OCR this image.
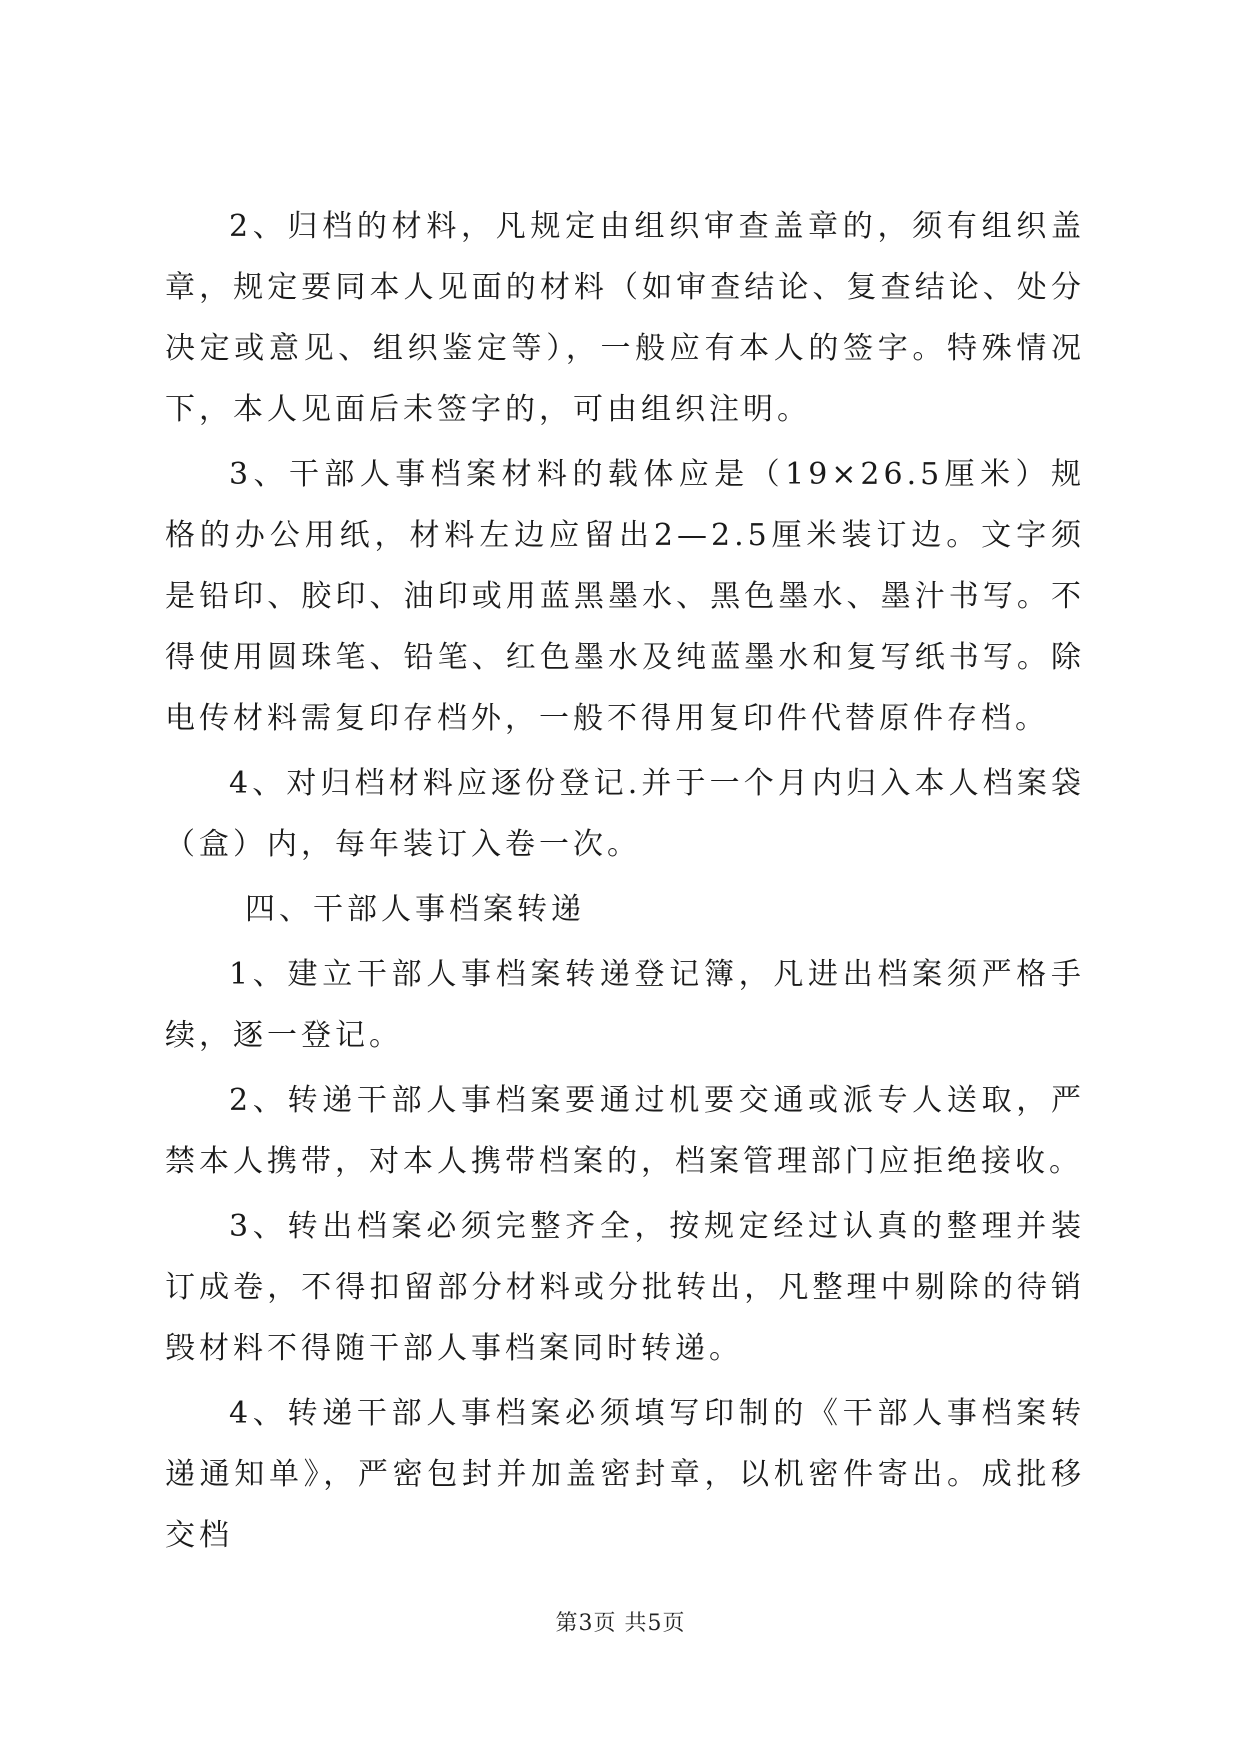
2、归档的材料，凡规定由组织审查盖章的，须有组织盖章，规定要同本人见面的材料（如审查结论、复查结论、处分决定或意见、组织鉴定等），一般应有本人的签字。特殊情况下，本人见面后未签字的，可由组织注明。

3、干部人事档案材料的载体应是（19×26.5厘米）规格的办公用纸，材料左边应留出2—2.5厘米装订边。文字须是铅印、胶印、油印或用蓝黑墨水、黑色墨水、墨汁书写。不得使用圆珠笔、铅笔、红色墨水及纯蓝墨水和复写纸书写。除电传材料需复印存档外，一般不得用复印件代替原件存档。

4、对归档材料应逐份登记.并于一个月内归入本人档案袋（盒）内，每年装订入卷一次。

四、干部人事档案转递

1、建立干部人事档案转递登记簿，凡进出档案须严格手续，逐一登记。

2、转递干部人事档案要通过机要交通或派专人送取，严禁本人携带，对本人携带档案的，档案管理部门应拒绝接收。

3、转出档案必须完整齐全，按规定经过认真的整理并装订成卷，不得扣留部分材料或分批转出，凡整理中剔除的待销毁材料不得随干部人事档案同时转递。

4、转递干部人事档案必须填写印制的《干部人事档案转递通知单》，严密包封并加盖密封章，以机密件寄出。成批移交档

第3页 共5页
